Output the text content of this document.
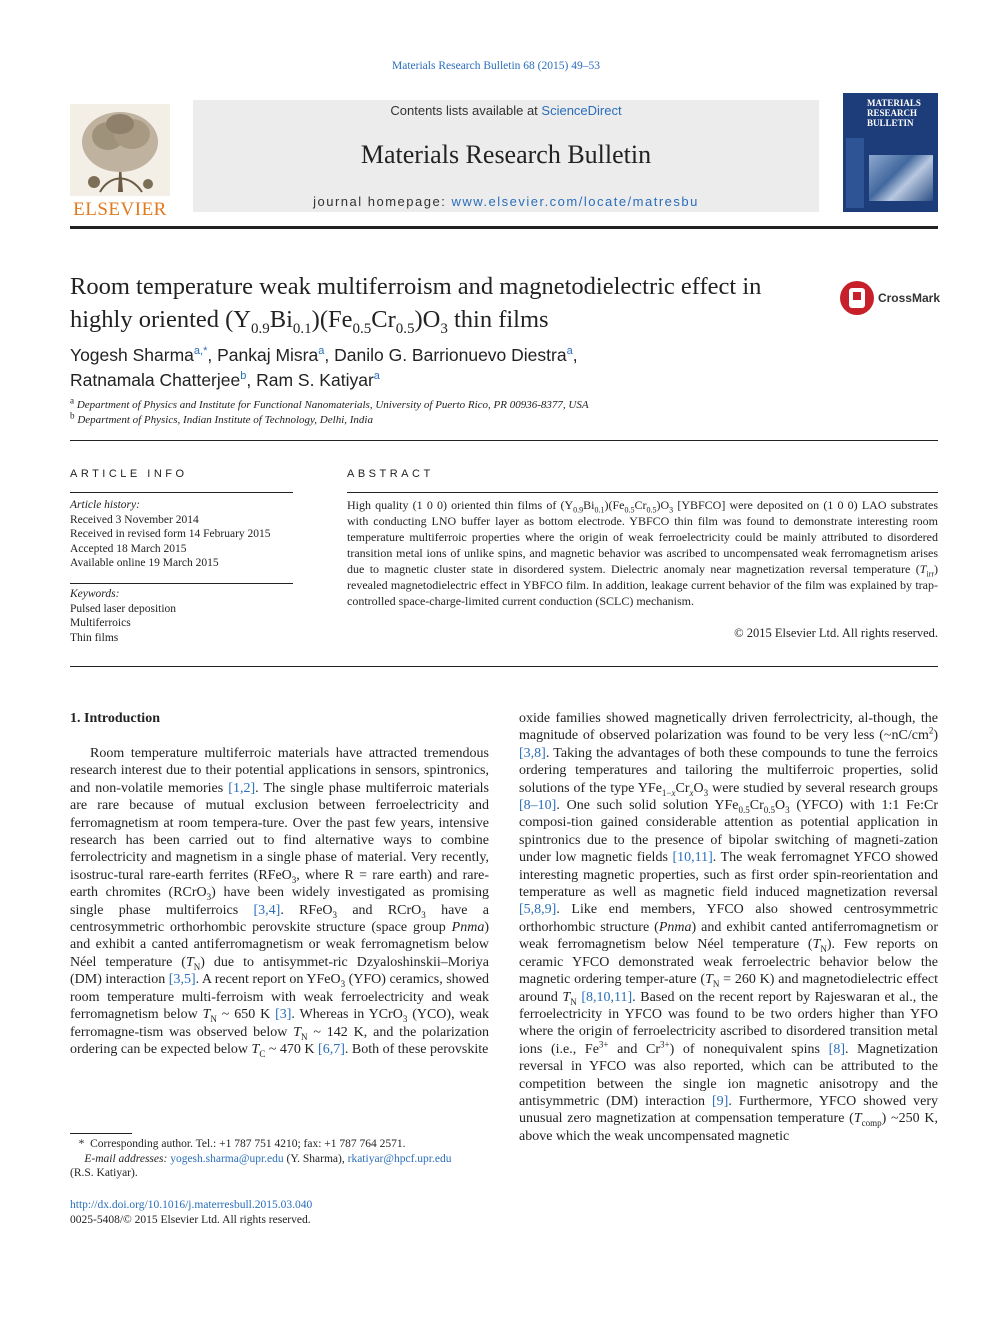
Materials Research Bulletin 68 (2015) 49–53
ELSEVIER
Contents lists available at ScienceDirect
Materials Research Bulletin
journal homepage: www.elsevier.com/locate/matresbu
MATERIALS
RESEARCH
BULLETIN
Room temperature weak multiferroism and magnetodielectric effect in
highly oriented $(Y_{0.9}Bi_{0.1})(Fe_{0.5}Cr_{0.5})O_3$ thin films
CrossMark
Yogesh Sharma$^{a,*}$, Pankaj Misra$^a$, Danilo G. Barrionuevo Diestra$^a$,
Ratnamala Chatterjee$^b$, Ram S. Katiyar$^a$
$^a$ Department of Physics and Institute for Functional Nanomaterials, University of Puerto Rico, PR 00936-8377, USA
$^b$ Department of Physics, Indian Institute of Technology, Delhi, India
ARTICLE INFO
Article history:
Received 3 November 2014
Received in revised form 14 February 2015
Accepted 18 March 2015
Available online 19 March 2015
Keywords:
Pulsed laser deposition
Multiferroics
Thin films
ABSTRACT
High quality (1 0 0) oriented thin films of $(Y_{0.9}Bi_{0.1})(Fe_{0.5}Cr_{0.5})O_3$ [YBFCO] were deposited on (1 0 0) LAO substrates with conducting LNO buffer layer as bottom electrode. YBFCO thin film was found to demonstrate interesting room temperature multiferroic properties where the origin of weak ferroelectricity could be mainly attributed to disordered transition metal ions of unlike spins, and magnetic behavior was ascribed to uncompensated weak ferromagnetism arises due to magnetic cluster state in disordered system. Dielectric anomaly near magnetization reversal temperature $(T_{irr})$ revealed magnetodielectric effect in YBFCO film. In addition, leakage current behavior of the film was explained by trap-controlled space-charge-limited current conduction (SCLC) mechanism.
© 2015 Elsevier Ltd. All rights reserved.
1. Introduction

Room temperature multiferroic materials have attracted tremendous research interest due to their potential applications in sensors, spintronics, and non-volatile memories [1,2]. The single phase multiferroic materials are rare because of mutual exclusion between ferroelectricity and ferromagnetism at room tempera-ture. Over the past few years, intensive research has been carried out to find alternative ways to combine ferrolectricity and magnetism in a single phase of material. Very recently, isostruc-tural rare-earth ferrites (RFeO$_3$, where R = rare earth) and rare-earth chromites (RCrO$_3$) have been widely investigated as promising single phase multiferroics [3,4]. RFeO$_3$ and RCrO$_3$ have a centrosymmetric orthorhombic perovskite structure (space group Pnma) and exhibit a canted antiferromagnetism or weak ferromagnetism below Néel temperature $(T_N)$ due to antisymmet-ric Dzyaloshinskii–Moriya (DM) interaction [3,5]. A recent report on YFeO$_3$ (YFO) ceramics, showed room temperature multi-ferroism with weak ferroelectricity and weak ferromagnetism below $T_N$ ~ 650 K [3]. Whereas in YCrO$_3$ (YCO), weak ferromagne-tism was observed below $T_N$ ~ 142 K, and the polarization ordering can be expected below $T_C$ ~ 470 K [6,7]. Both of these perovskite

oxide families showed magnetically driven ferrolectricity, al-though, the magnitude of observed polarization was found to be very less $(\sim nC/cm^2)$ [3,8]. Taking the advantages of both these compounds to tune the ferroics ordering temperatures and tailoring the multiferroic properties, solid solutions of the type $YFe_{1-x}Cr_xO_3$ were studied by several research groups [8–10]. One such solid solution $YFe_{0.5}Cr_{0.5}O_3$ (YFCO) with 1:1 Fe:Cr composi-tion gained considerable attention as potential application in spintronics due to the presence of bipolar switching of magneti-zation under low magnetic fields [10,11]. The weak ferromagnet YFCO showed interesting magnetic properties, such as first order spin-reorientation and temperature as well as magnetic field induced magnetization reversal [5,8,9]. Like end members, YFCO also showed centrosymmetric orthorhombic structure (Pnma) and exhibit canted antiferromagnetism or weak ferromagnetism below Néel temperature $(T_N)$. Few reports on ceramic YFCO demonstrated weak ferroelectric behavior below the magnetic ordering temper-ature ($T_N = 260$ K) and magnetodielectric effect around $T_N$ [8,10,11]. Based on the recent report by Rajeswaran et al., the ferroelectricity in YFCO was found to be two orders higher than YFO where the origin of ferroelectricity ascribed to disordered transition metal ions (i.e., $Fe^{3+}$ and $Cr^{3+}$) of nonequivalent spins [8]. Magnetization reversal in YFCO was also reported, which can be attributed to the competition between the single ion magnetic anisotropy and the antisymmetric (DM) interaction [9]. Furthermore, YFCO showed very unusual zero magnetization at compensation temperature $(T_{comp})$ ~250 K, above which the weak uncompensated magnetic

*  Corresponding author. Tel.: +1 787 751 4210; fax: +1 787 764 2571.
E-mail addresses: yogesh.sharma@upr.edu (Y. Sharma), rkatiyar@hpcf.upr.edu
(R.S. Katiyar).
http://dx.doi.org/10.1016/j.materresbull.2015.03.040
0025-5408/© 2015 Elsevier Ltd. All rights reserved.
